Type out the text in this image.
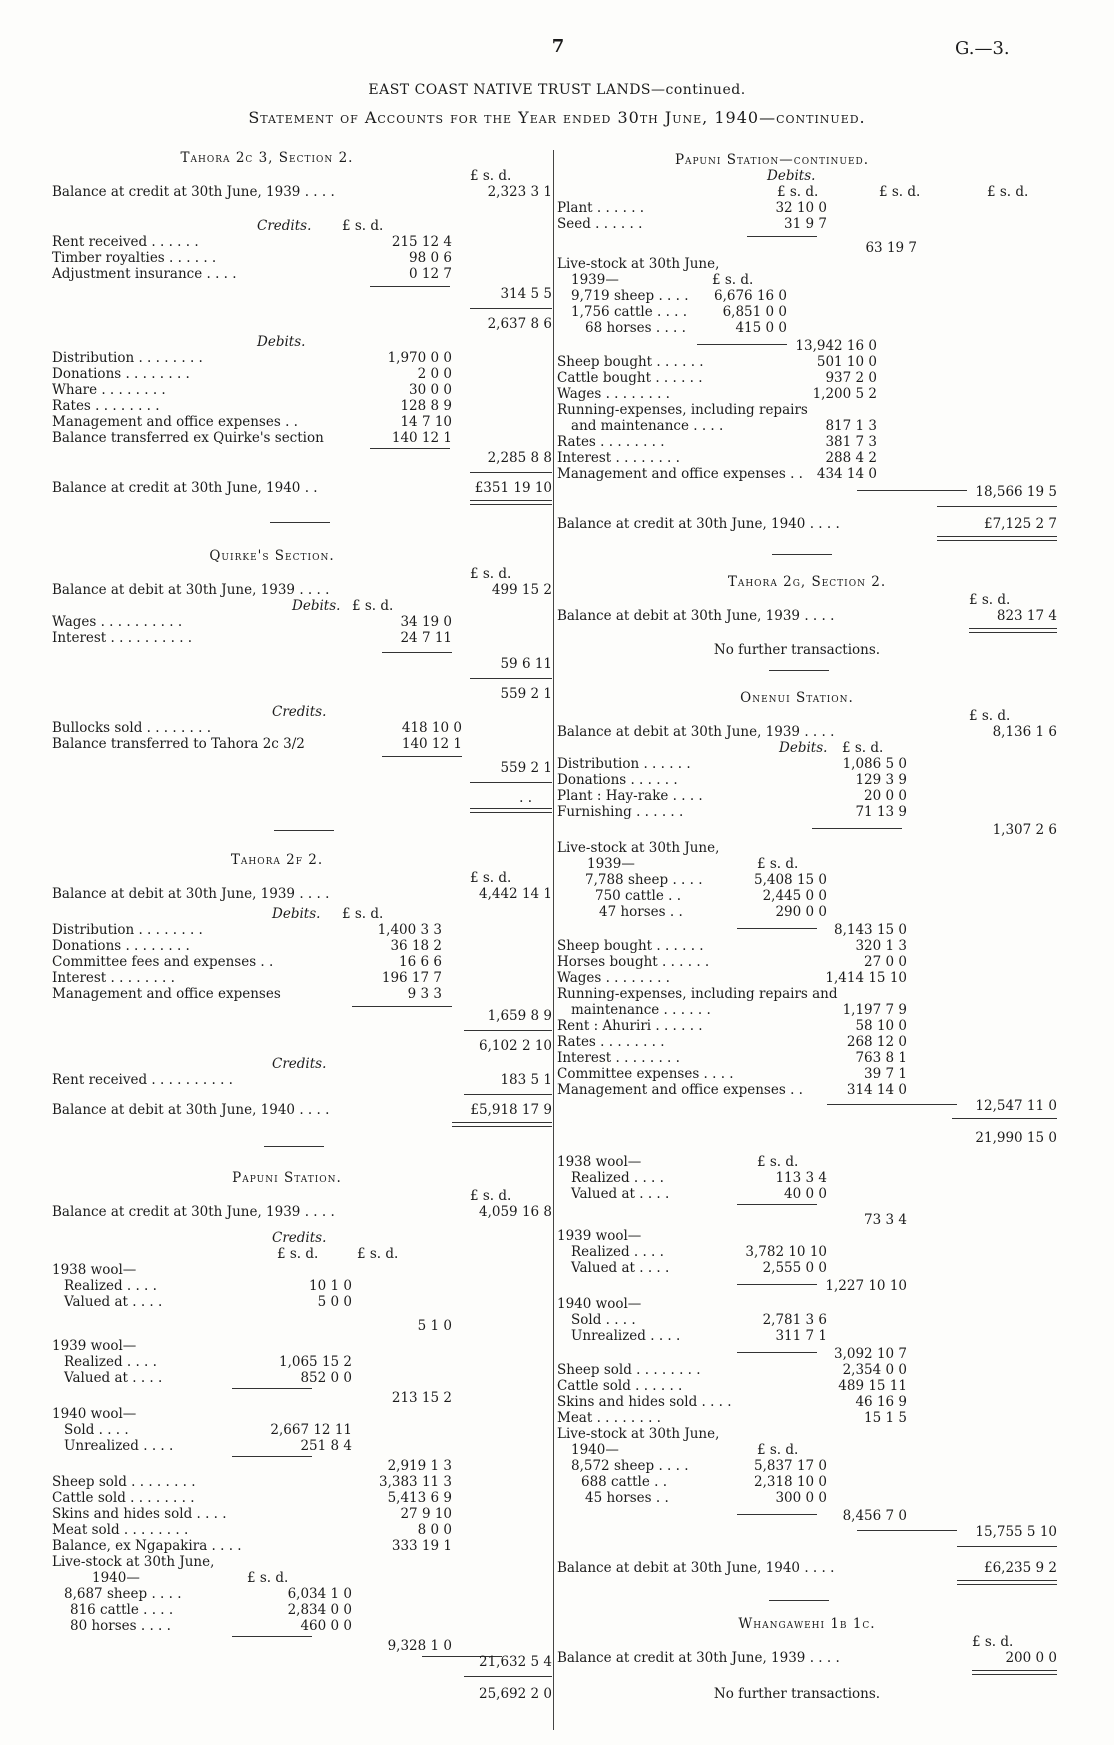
7	G.—3.
EAST COAST NATIVE TRUST LANDS—continued.
Statement of Accounts for the Year ended 30th June, 1940—continued.
Tahora 2c 3, Section 2.
£ s. d.
Balance at credit at 30th June, 1939 . . . .	2,323 3 1
Credits. £ s. d.
Rent received . . . . . .	215 12 4
Timber royalties . . . . . .	98 0 6
Adjustment insurance . . . .	0 12 7
314 5 5
2,637 8 6
Debits.
Distribution . . . . . . . .	1,970 0 0
Donations . . . . . . . .	2 0 0
Whare . . . . . . . .	30 0 0
Rates . . . . . . . .	128 8 9
Management and office expenses . .	14 7 10
Balance transferred ex Quirke's section	140 12 1
2,285 8 8
Balance at credit at 30th June, 1940 . .	£351 19 10
Quirke's Section.
£ s. d.
Balance at debit at 30th June, 1939 . . . .	499 15 2
Debits. £ s. d.
Wages . . . . . . . . . .	34 19 0
Interest . . . . . . . . . .	24 7 11
59 6 11
559 2 1
Credits.
Bullocks sold . . . . . . . .	418 10 0
Balance transferred to Tahora 2c 3/2	140 12 1
559 2 1
. .
Tahora 2f 2.
£ s. d.
Balance at debit at 30th June, 1939 . . . .	4,442 14 1
Debits. £ s. d.
Distribution . . . . . . . .	1,400 3 3
Donations . . . . . . . .	36 18 2
Committee fees and expenses . .	16 6 6
Interest . . . . . . . .	196 17 7
Management and office expenses	9 3 3
1,659 8 9
6,102 2 10
Credits.
Rent received . . . . . . . . . .	183 5 1
Balance at debit at 30th June, 1940 . . . .	£5,918 17 9
Papuni Station.
£ s. d.
Balance at credit at 30th June, 1939 . . . .	4,059 16 8
Credits.
£ s. d.	£ s. d.
1938 wool—
Realized . . . .	10 1 0
Valued at . . . .	5 0 0
5 1 0
1939 wool—
Realized . . . .	1,065 15 2
Valued at . . . .	852 0 0
213 15 2
1940 wool—
Sold . . . .	2,667 12 11
Unrealized . . . .	251 8 4
2,919 1 3
Sheep sold . . . . . . . .	3,383 11 3
Cattle sold . . . . . . . .	5,413 6 9
Skins and hides sold . . . .	27 9 10
Meat sold . . . . . . . .	8 0 0
Balance, ex Ngapakira . . . .	333 19 1
Live-stock at 30th June,
1940—	£ s. d.
8,687 sheep . . . .	6,034 1 0
816 cattle . . . .	2,834 0 0
80 horses . . . .	460 0 0
9,328 1 0
21,632 5 4
25,692 2 0
Papuni Station—continued.
Debits.
£ s. d.	£ s. d.	£ s. d.
Plant . . . . . .	32 10 0
Seed . . . . . .	31 9 7
63 19 7
Live-stock at 30th June,
1939—	£ s. d.
9,719 sheep . . . .	6,676 16 0
1,756 cattle . . . .	6,851 0 0
68 horses . . . .	415 0 0
13,942 16 0
Sheep bought . . . . . .	501 10 0
Cattle bought . . . . . .	937 2 0
Wages . . . . . . . .	1,200 5 2
Running-expenses, including repairs
and maintenance . . . .	817 1 3
Rates . . . . . . . .	381 7 3
Interest . . . . . . . .	288 4 2
Management and office expenses . .	434 14 0
18,566 19 5
Balance at credit at 30th June, 1940 . . . .	£7,125 2 7
Tahora 2g, Section 2.
£ s. d.
Balance at debit at 30th June, 1939 . . . .	823 17 4
No further transactions.
Onenui Station.
£ s. d.
Balance at debit at 30th June, 1939 . . . .	8,136 1 6
Debits. £ s. d.
Distribution . . . . . .	1,086 5 0
Donations . . . . . .	129 3 9
Plant : Hay-rake . . . .	20 0 0
Furnishing . . . . . .	71 13 9
1,307 2 6
Live-stock at 30th June,
1939—	£ s. d.
7,788 sheep . . . .	5,408 15 0
750 cattle . .	2,445 0 0
47 horses . .	290 0 0
8,143 15 0
Sheep bought . . . . . .	320 1 3
Horses bought . . . . . .	27 0 0
Wages . . . . . . . .	1,414 15 10
Running-expenses, including repairs and
maintenance . . . . . .	1,197 7 9
Rent : Ahuriri . . . . . .	58 10 0
Rates . . . . . . . .	268 12 0
Interest . . . . . . . .	763 8 1
Committee expenses . . . .	39 7 1
Management and office expenses . .	314 14 0
12,547 11 0
21,990 15 0
1938 wool—	£ s. d.
Realized . . . .	113 3 4
Valued at . . . .	40 0 0
73 3 4
1939 wool—
Realized . . . .	3,782 10 10
Valued at . . . .	2,555 0 0
1,227 10 10
1940 wool—
Sold . . . .	2,781 3 6
Unrealized . . . .	311 7 1
3,092 10 7
Sheep sold . . . . . . . .	2,354 0 0
Cattle sold . . . . . .	489 15 11
Skins and hides sold . . . .	46 16 9
Meat . . . . . . . .	15 1 5
Live-stock at 30th June,
1940—	£ s. d.
8,572 sheep . . . .	5,837 17 0
688 cattle . .	2,318 10 0
45 horses . .	300 0 0
8,456 7 0
15,755 5 10
Balance at debit at 30th June, 1940 . . . .	£6,235 9 2
Whangawehi 1b 1c.
£ s. d.
Balance at credit at 30th June, 1939 . . . .	200 0 0
No further transactions.
